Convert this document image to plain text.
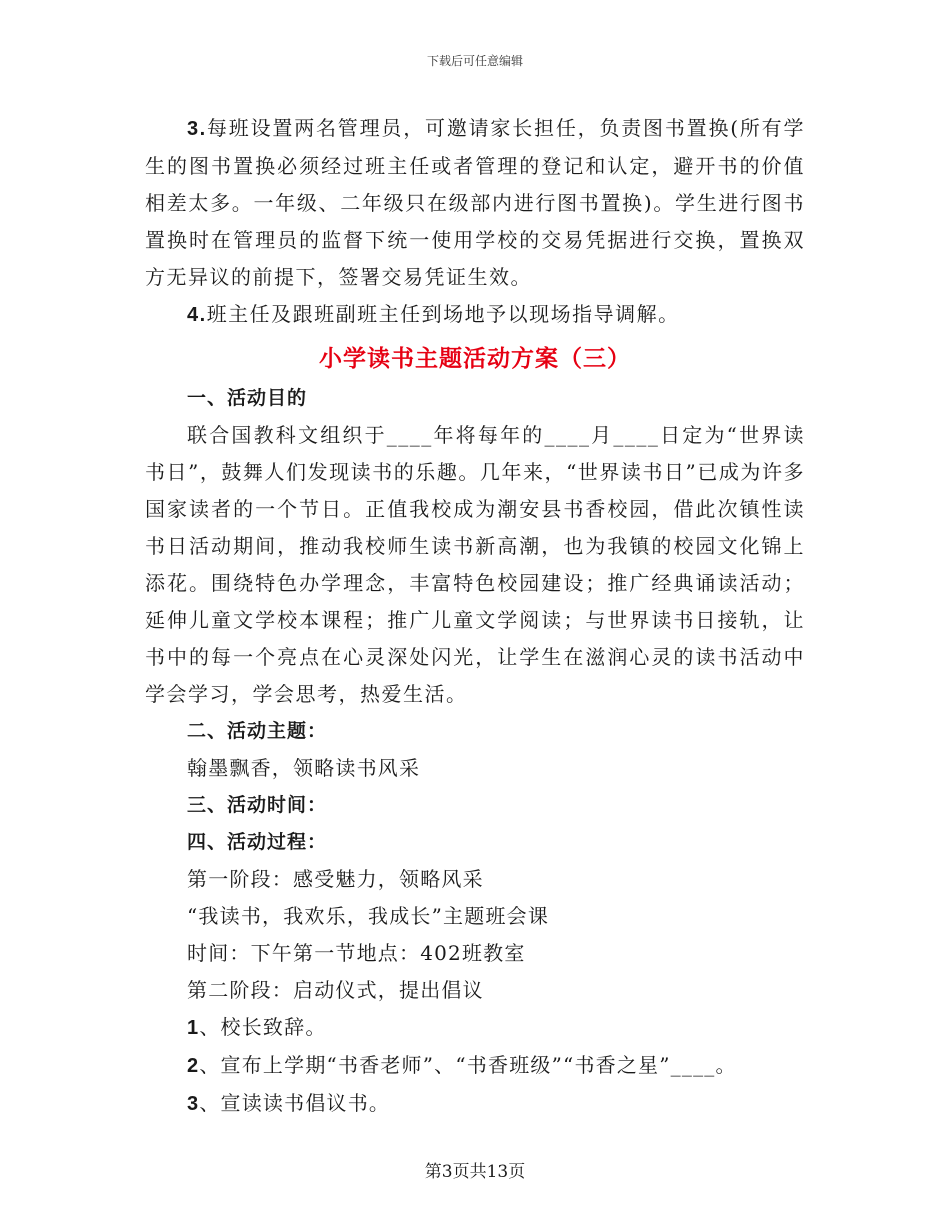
下载后可任意编辑

3.每班设置两名管理员，可邀请家长担任，负责图书置换(所有学生的图书置换必须经过班主任或者管理的登记和认定，避开书的价值相差太多。一年级、二年级只在级部内进行图书置换)。学生进行图书置换时在管理员的监督下统一使用学校的交易凭据进行交换，置换双方无异议的前提下，签署交易凭证生效。

4.班主任及跟班副班主任到场地予以现场指导调解。

小学读书主题活动方案（三）
一、活动目的

联合国教科文组织于____年将每年的____月____日定为“世界读书日”，鼓舞人们发现读书的乐趣。几年来，“世界读书日”已成为许多国家读者的一个节日。正值我校成为潮安县书香校园，借此次镇性读书日活动期间，推动我校师生读书新高潮，也为我镇的校园文化锦上添花。围绕特色办学理念，丰富特色校园建设；推广经典诵读活动；延伸儿童文学校本课程；推广儿童文学阅读；与世界读书日接轨，让书中的每一个亮点在心灵深处闪光，让学生在滋润心灵的读书活动中学会学习，学会思考，热爱生活。

二、活动主题：

翰墨飘香，领略读书风采

三、活动时间：
四、活动过程：

第一阶段：感受魅力，领略风采

“我读书，我欢乐，我成长”主题班会课

时间：下午第一节地点：402班教室

第二阶段：启动仪式，提出倡议

1、校长致辞。

2、宣布上学期“书香老师”、“书香班级”“书香之星”____。

3、宣读读书倡议书。

第3页共13页
